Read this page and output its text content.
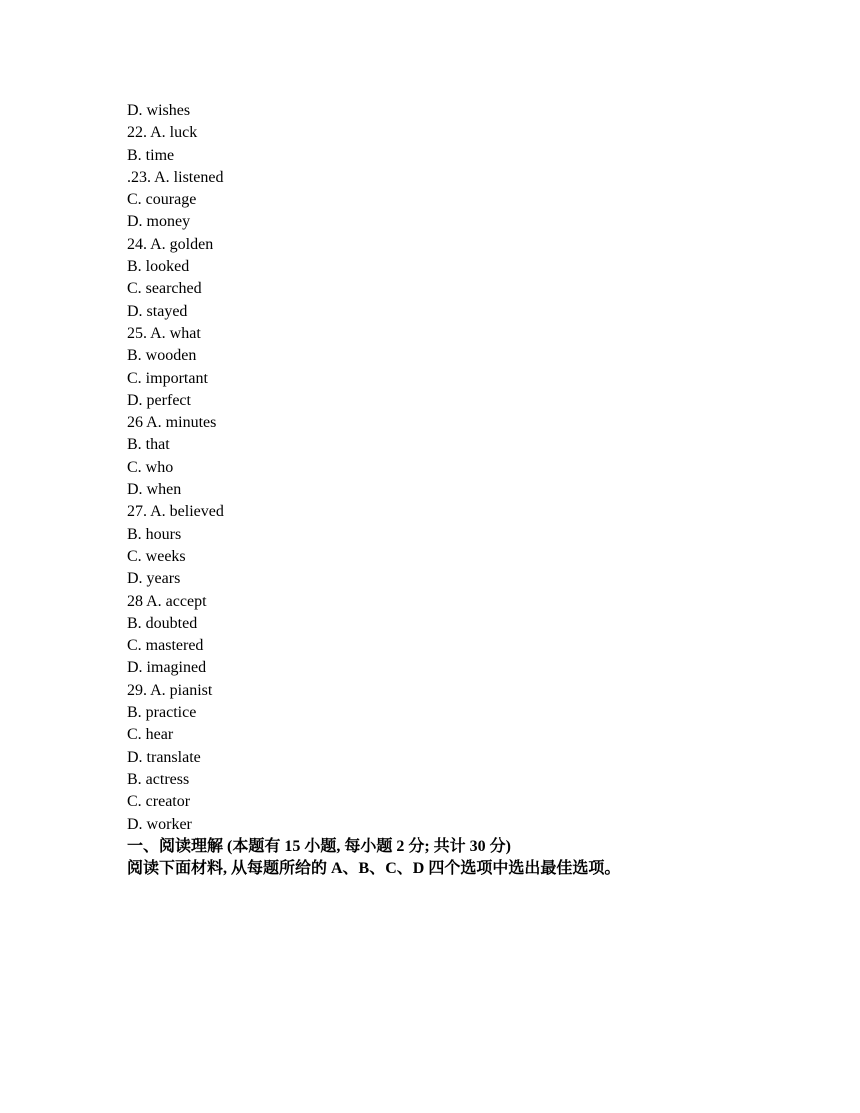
D. wishes
22. A. luck
B. time
.23. A. listened
C. courage
D. money
24. A. golden
B. looked
C. searched
D. stayed
25. A. what
B. wooden
C. important
D. perfect
26 A. minutes
B. that
C. who
D. when
27. A. believed
B. hours
C. weeks
D. years
28 A. accept
B. doubted
C. mastered
D. imagined
29. A. pianist
B. practice
C. hear
D. translate
B. actress
C. creator
D. worker
一、阅读理解 (本题有 15 小题, 每小题 2 分; 共计 30 分)
阅读下面材料, 从每题所给的 A、B、C、D 四个选项中选出最佳选项。
